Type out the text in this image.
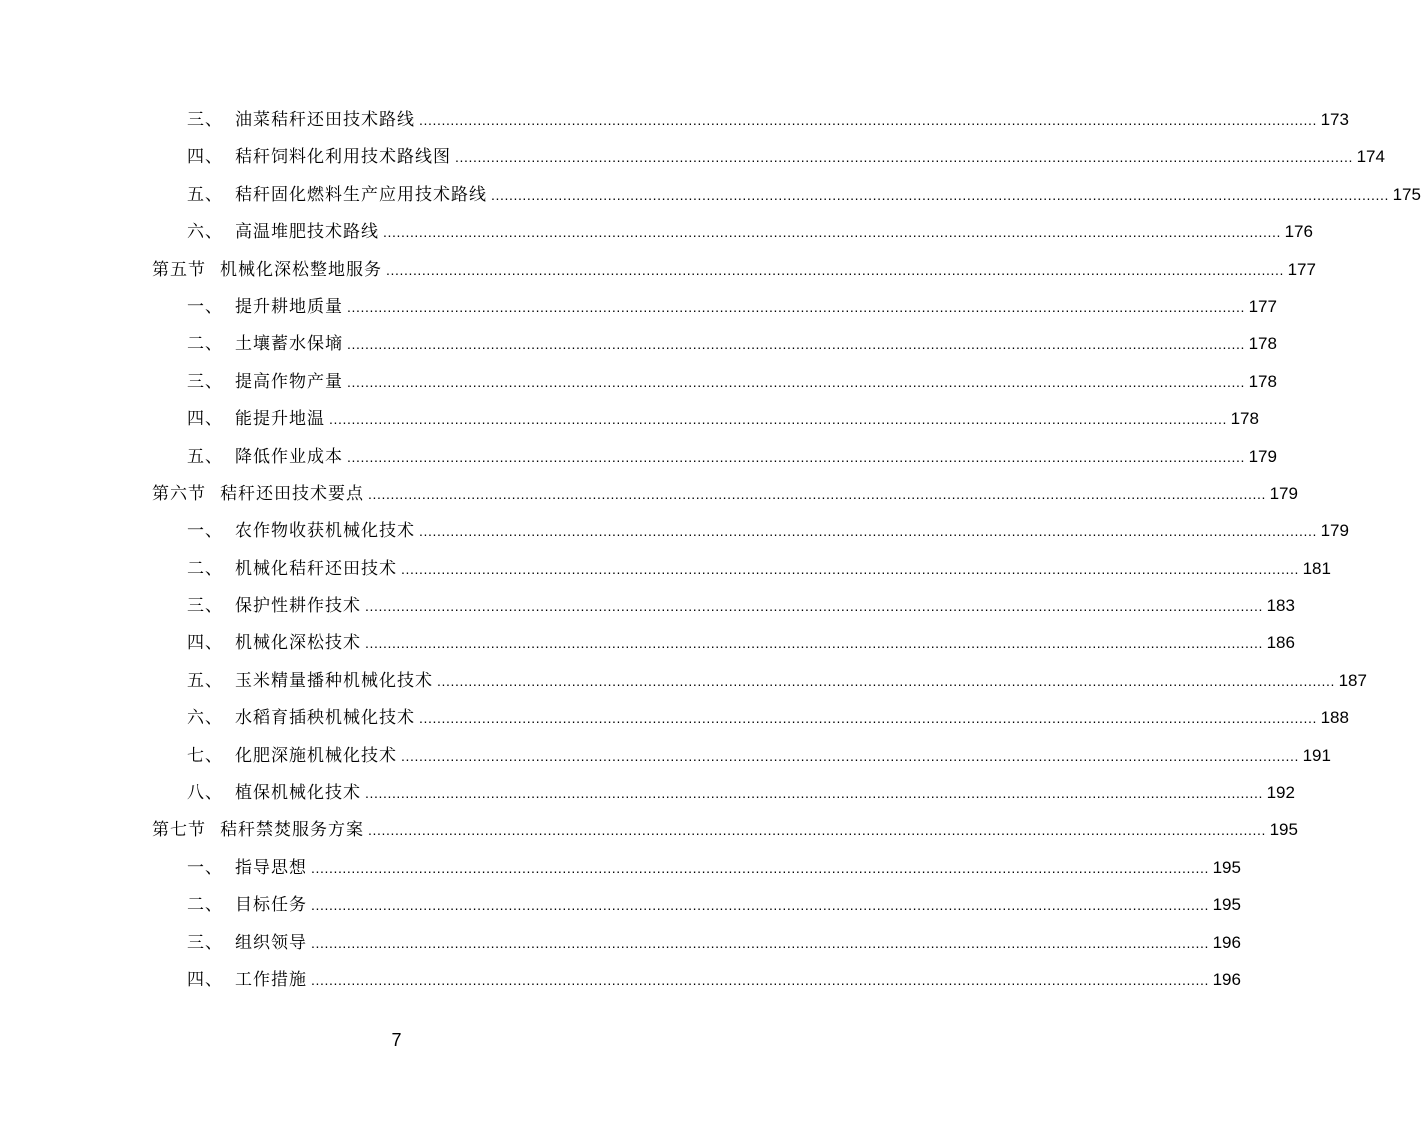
三、 油菜秸秆还田技术路线 ........................................................................................................................................................................................................ 173
四、 秸秆饲料化利用技术路线图 ........................................................................................................................................................................................................ 174
五、 秸秆固化燃料生产应用技术路线 ........................................................................................................................................................................................................ 175
六、 高温堆肥技术路线 ........................................................................................................................................................................................................ 176
第五节 机械化深松整地服务 ........................................................................................................................................................................................................ 177
一、 提升耕地质量 ........................................................................................................................................................................................................ 177
二、 土壤蓄水保墒 ........................................................................................................................................................................................................ 178
三、 提高作物产量 ........................................................................................................................................................................................................ 178
四、 能提升地温 ........................................................................................................................................................................................................ 178
五、 降低作业成本 ........................................................................................................................................................................................................ 179
第六节 秸秆还田技术要点 ........................................................................................................................................................................................................ 179
一、 农作物收获机械化技术 ........................................................................................................................................................................................................ 179
二、 机械化秸秆还田技术 ........................................................................................................................................................................................................ 181
三、 保护性耕作技术 ........................................................................................................................................................................................................ 183
四、 机械化深松技术 ........................................................................................................................................................................................................ 186
五、 玉米精量播种机械化技术 ........................................................................................................................................................................................................ 187
六、 水稻育插秧机械化技术 ........................................................................................................................................................................................................ 188
七、 化肥深施机械化技术 ........................................................................................................................................................................................................ 191
八、 植保机械化技术 ........................................................................................................................................................................................................ 192
第七节 秸秆禁焚服务方案 ........................................................................................................................................................................................................ 195
一、 指导思想 ........................................................................................................................................................................................................ 195
二、 目标任务 ........................................................................................................................................................................................................ 195
三、 组织领导 ........................................................................................................................................................................................................ 196
四、 工作措施 ........................................................................................................................................................................................................ 196
7
